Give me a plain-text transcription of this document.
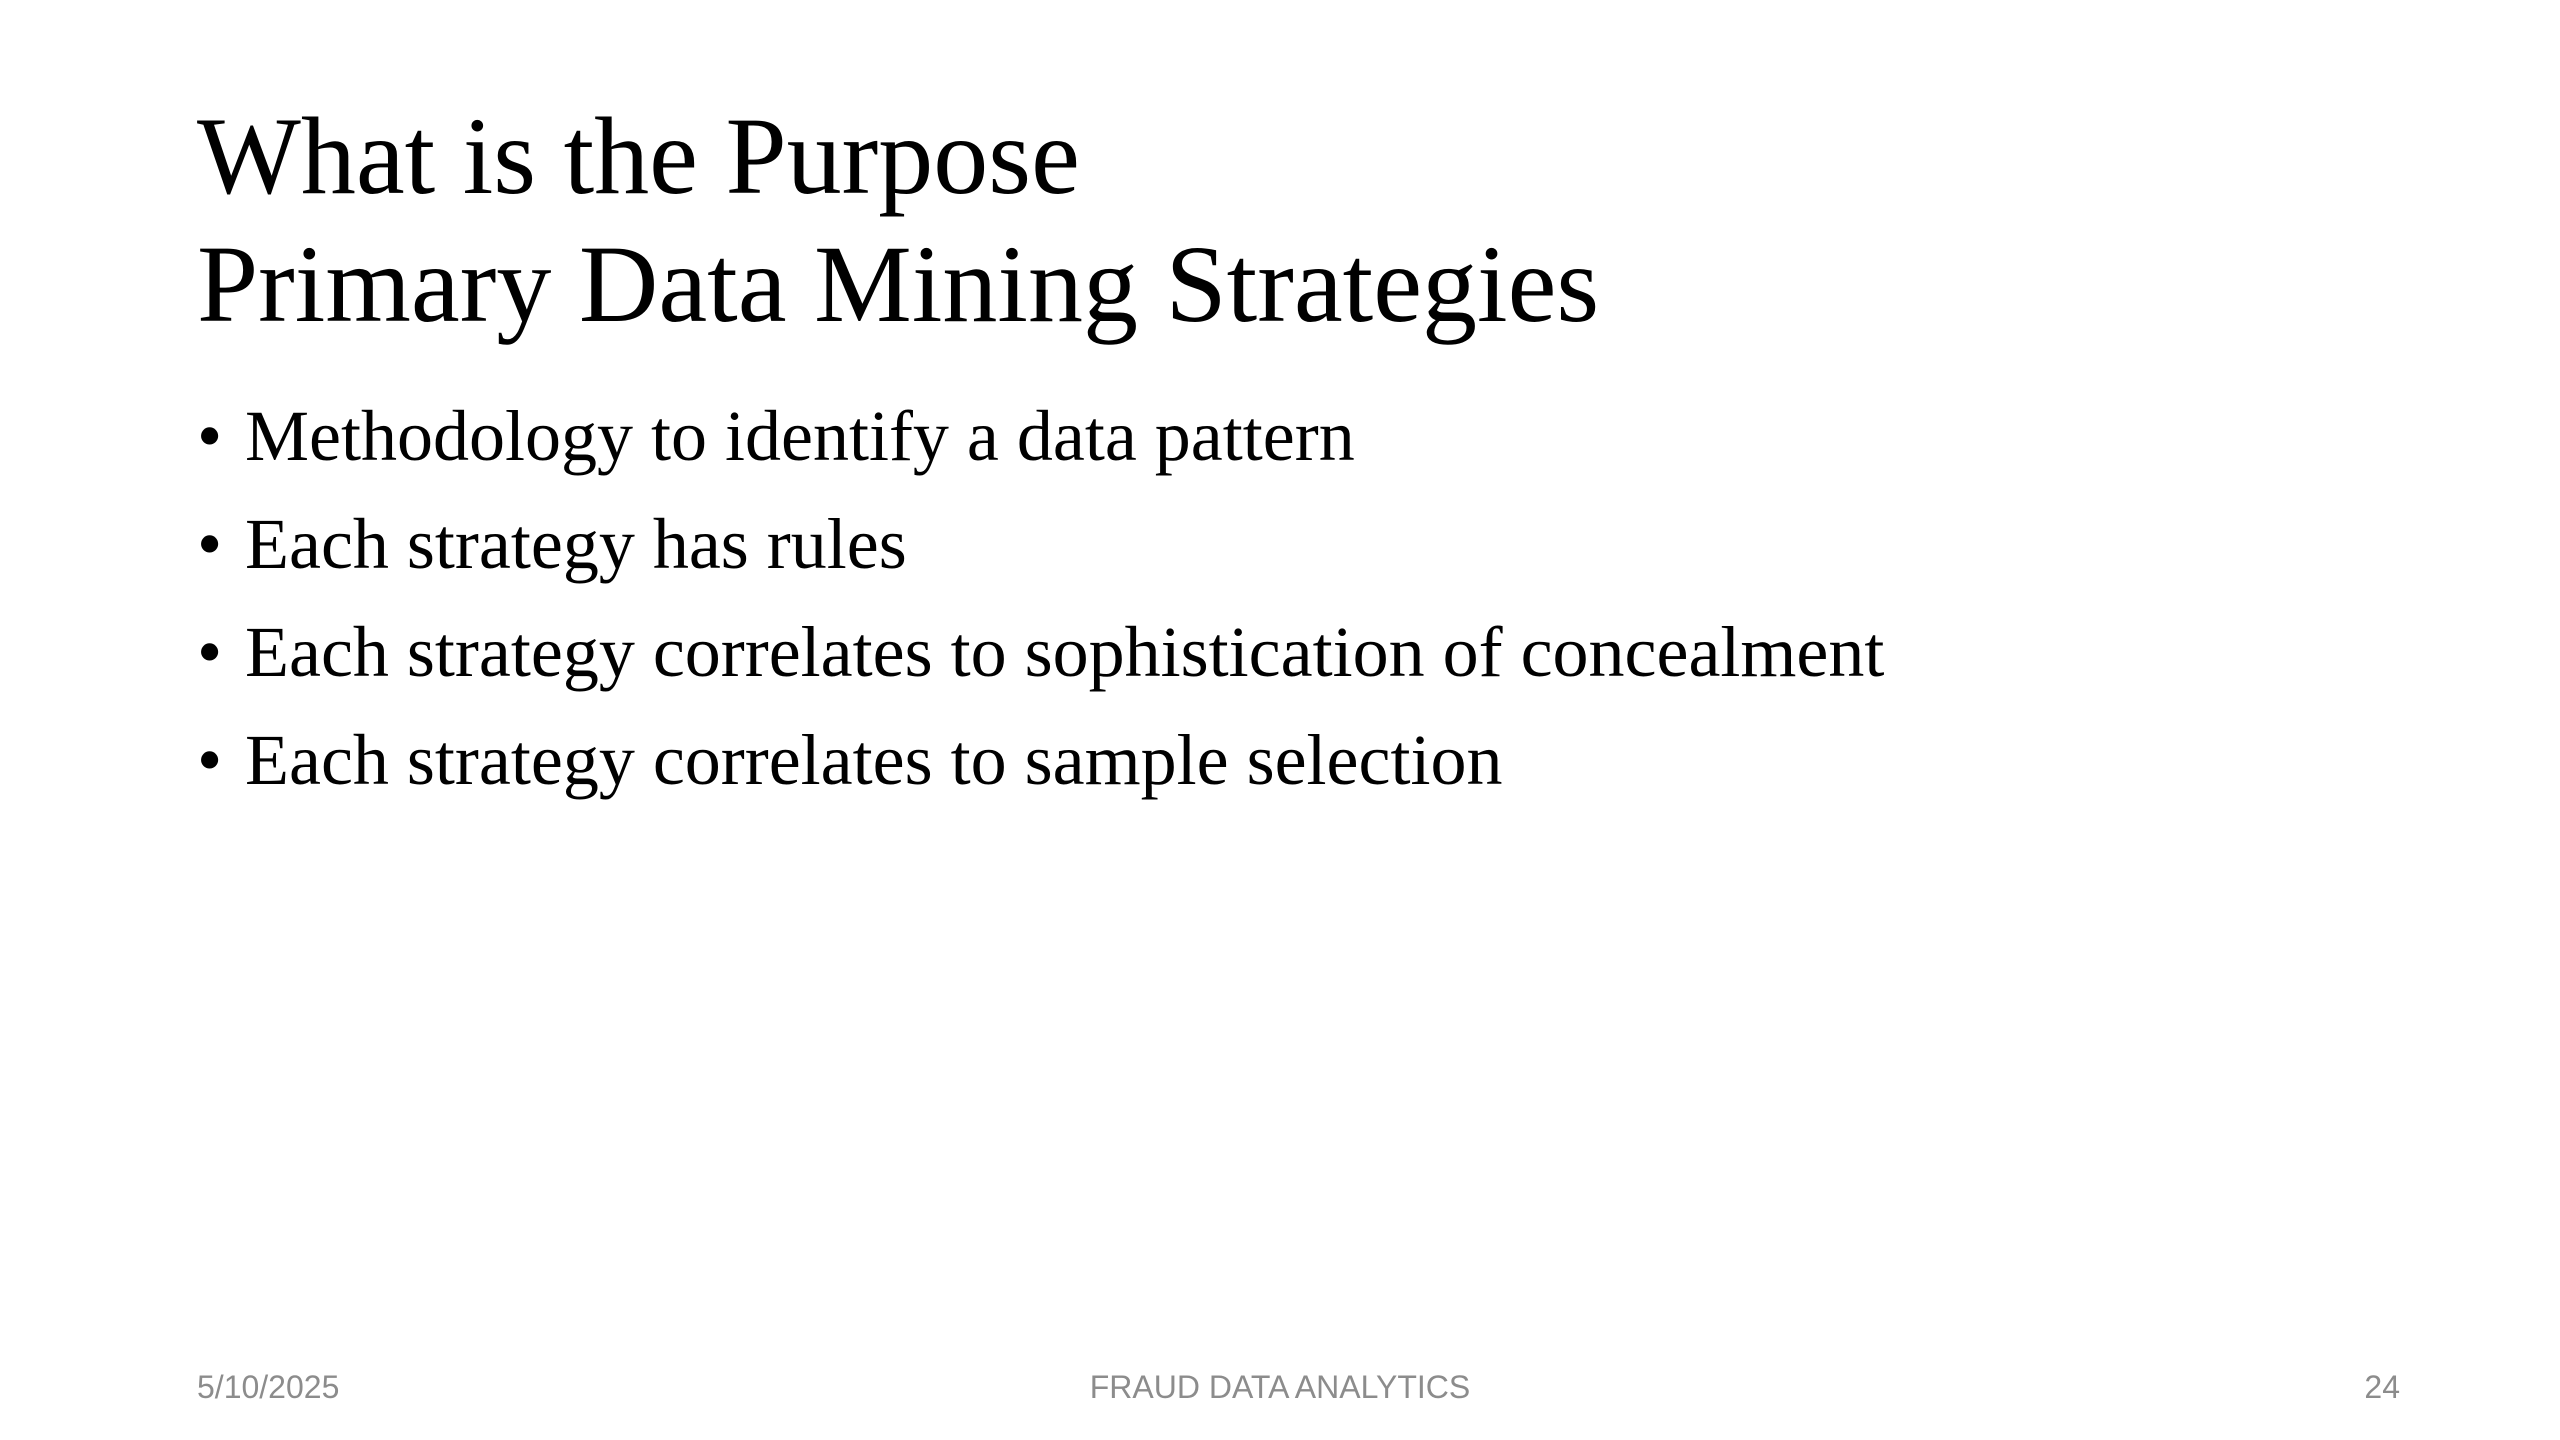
What is the Purpose
Primary Data Mining Strategies
• Methodology to identify a data pattern
• Each strategy has rules
• Each strategy correlates to sophistication of concealment
• Each strategy correlates to sample selection
5/10/2025	FRAUD DATA ANALYTICS	24
